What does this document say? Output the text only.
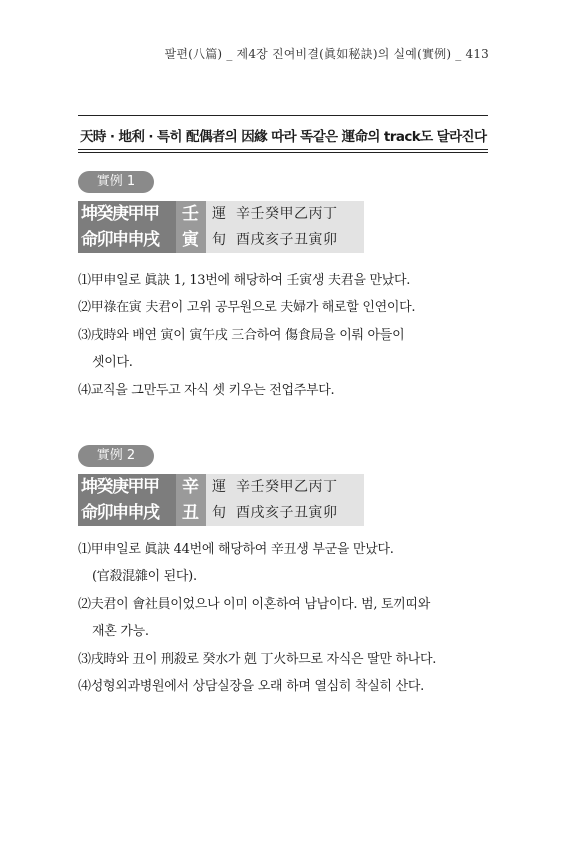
팔편(八篇) _ 제4장 진여비결(眞如秘訣)의 실예(實例) _ 413
天時 · 地利 · 특히 配偶者의 因緣 따라 똑같은 運命의 track도 달라진다
實例 1
坤癸庚甲甲	壬 運 辛壬癸甲乙丙丁
命卯申申戌	寅 旬 酉戌亥子丑寅卯
⑴甲申일로 眞訣 1, 13번에 해당하여 壬寅생 夫君을 만났다.
⑵甲祿在寅 夫君이 고위 공무원으로 夫婦가 해로할 인연이다.
⑶戌時와 배연 寅이 寅午戌 三合하여 傷食局을 이뤄 아들이
셋이다.
⑷교직을 그만두고 자식 셋 키우는 전업주부다.
實例 2
坤癸庚甲甲	辛 運 辛壬癸甲乙丙丁
命卯申申戌	丑 旬 酉戌亥子丑寅卯
⑴甲申일로 眞訣 44번에 해당하여 辛丑생 부군을 만났다.
(官殺混雜이 된다).
⑵夫君이 會社員이었으나 이미 이혼하여 남남이다. 범, 토끼띠와
재혼 가능.
⑶戌時와 丑이 刑殺로 癸水가 剋 丁火하므로 자식은 딸만 하나다.
⑷성형외과병원에서 상담실장을 오래 하며 열심히 착실히 산다.
